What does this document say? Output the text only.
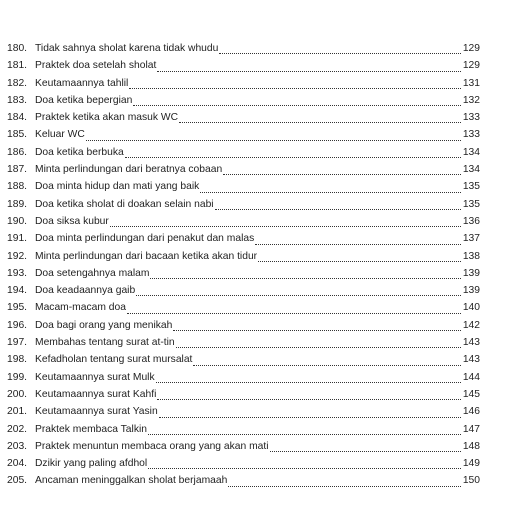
180. Tidak sahnya sholat karena tidak whudu	129
181. Praktek doa setelah sholat	129
182. Keutamaannya tahlil	131
183. Doa ketika bepergian	132
184. Praktek ketika akan masuk WC	133
185. Keluar WC	133
186. Doa ketika berbuka	134
187. Minta perlindungan dari beratnya cobaan	134
188. Doa minta hidup dan mati yang baik	135
189. Doa ketika sholat di doakan selain nabi	135
190. Doa siksa kubur	136
191. Doa minta perlindungan dari penakut dan malas	137
192. Minta perlindungan dari bacaan ketika akan tidur	138
193. Doa setengahnya malam	139
194. Doa keadaannya gaib	139
195. Macam-macam doa	140
196. Doa bagi orang yang menikah	142
197. Membahas tentang surat at-tin	143
198. Kefadholan tentang surat mursalat	143
199. Keutamaannya surat Mulk	144
200. Keutamaannya surat Kahfi	145
201. Keutamaannya surat Yasin	146
202. Praktek membaca Talkin	147
203. Praktek menuntun membaca orang yang akan mati	148
204. Dzikir yang paling afdhol	149
205. Ancaman meninggalkan sholat berjamaah	150
